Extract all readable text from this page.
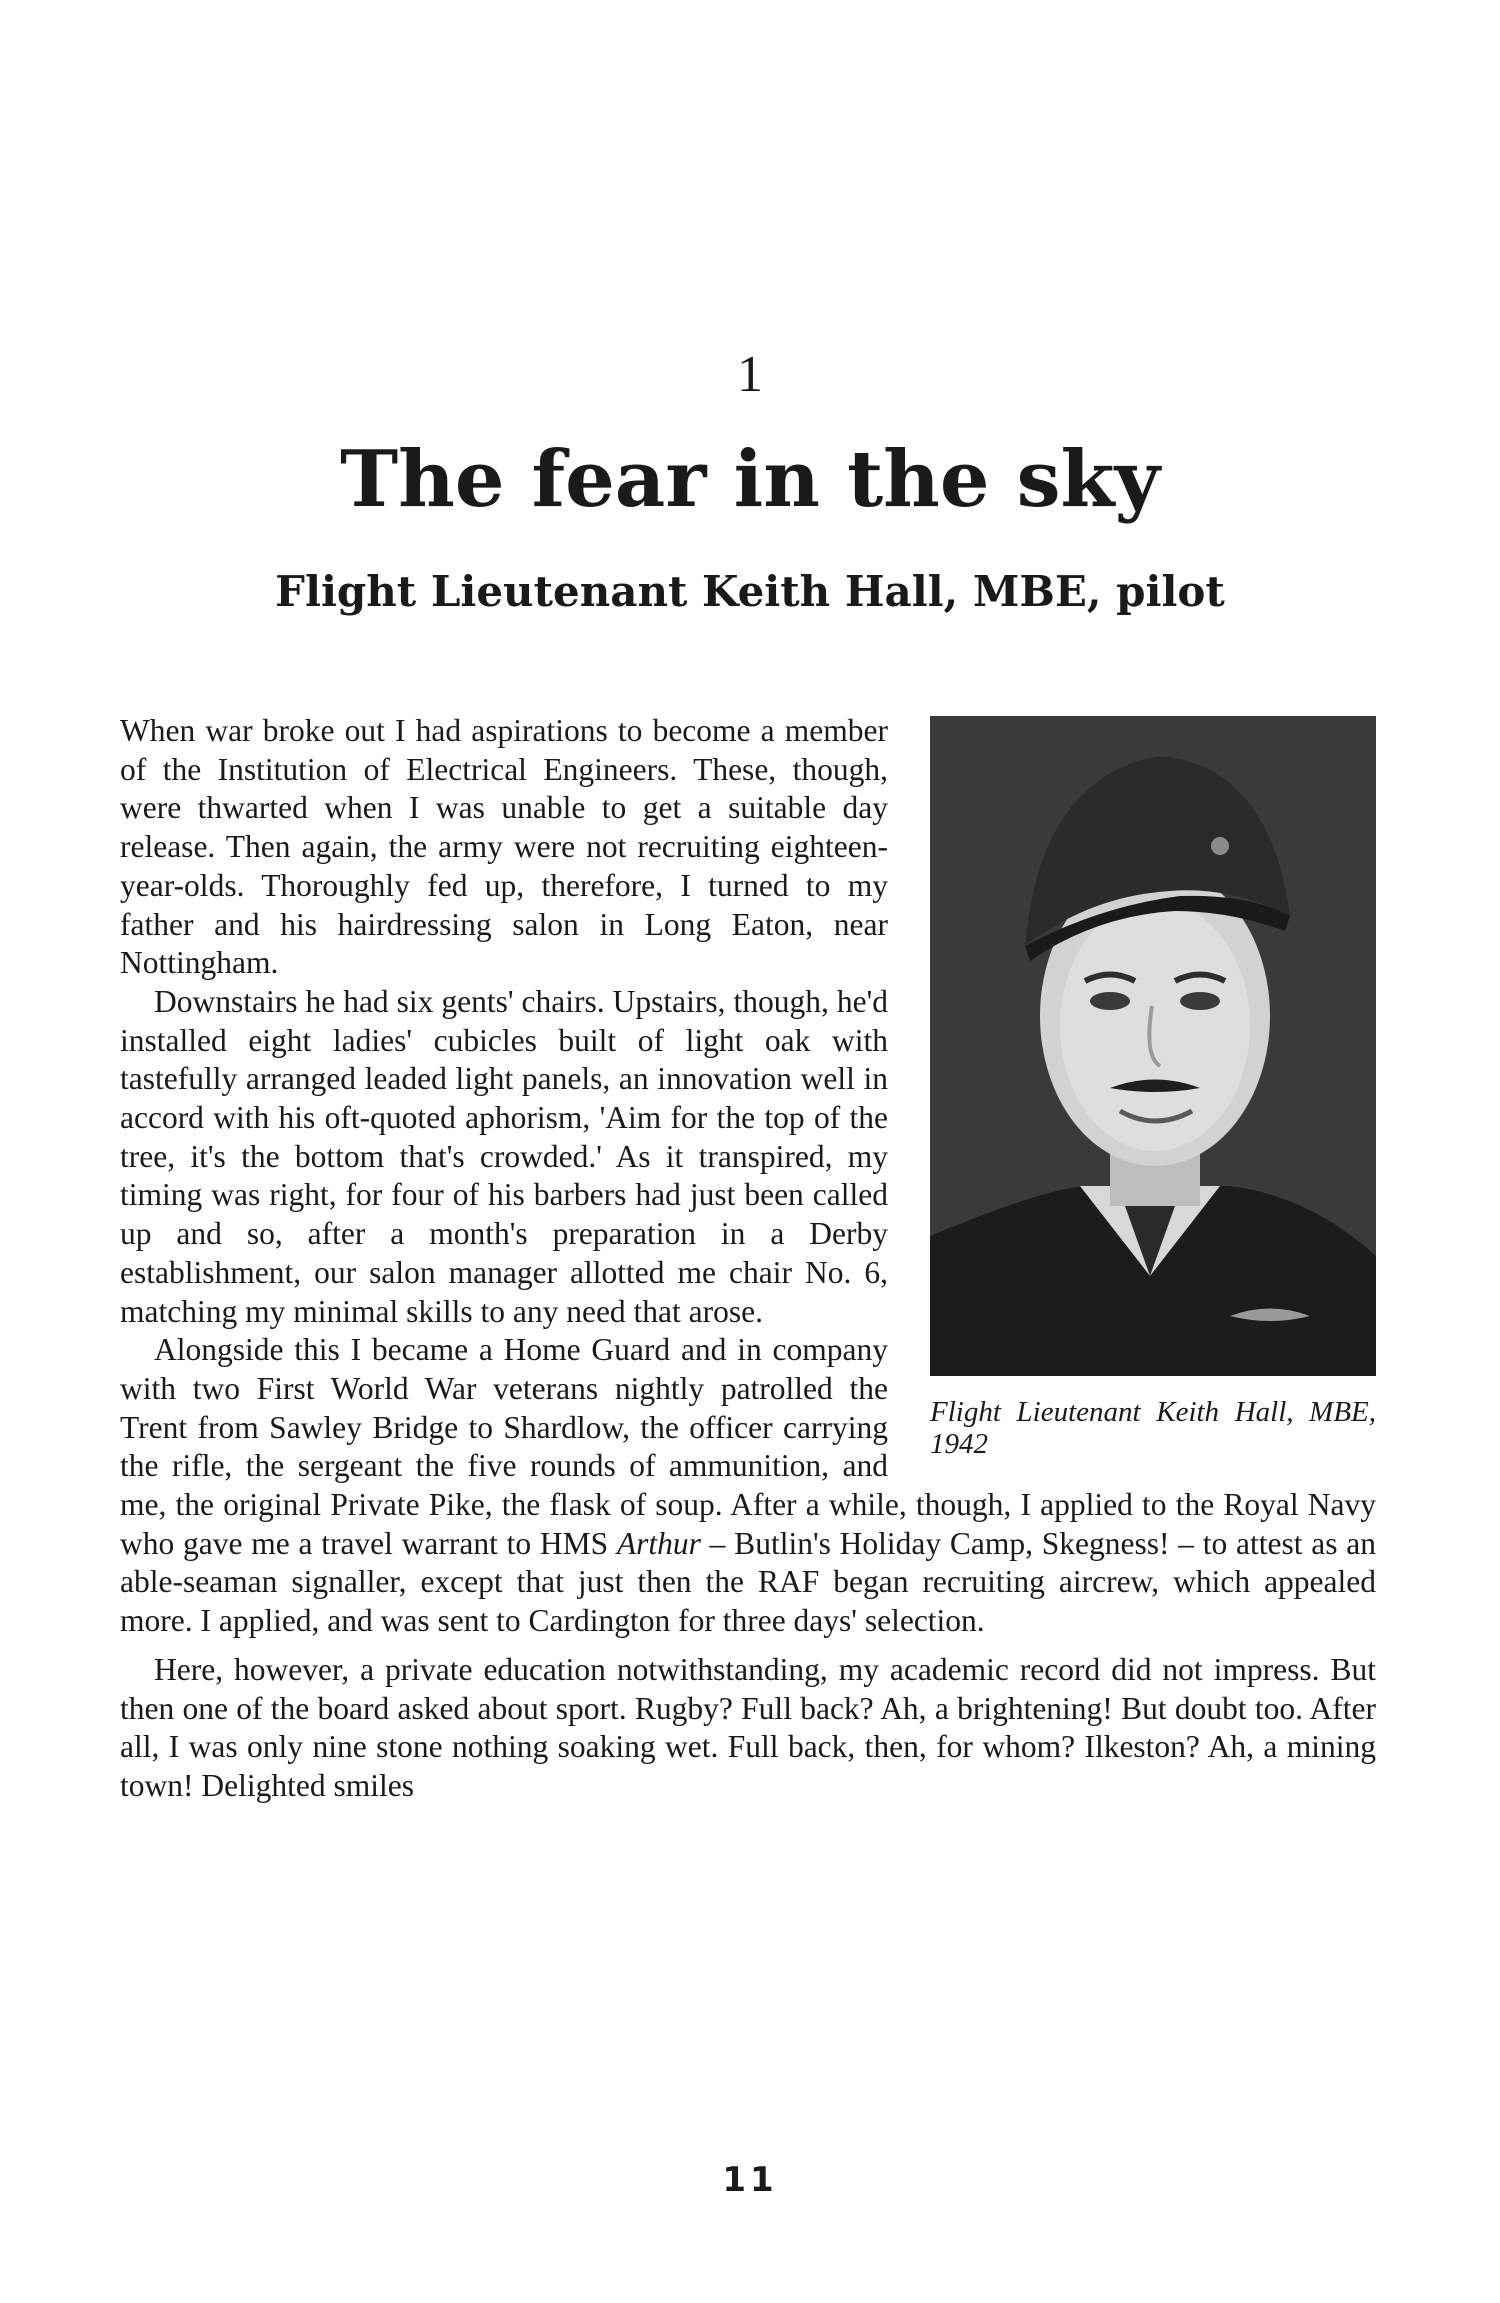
1
The fear in the sky
Flight Lieutenant Keith Hall, MBE, pilot
Flight Lieutenant Keith Hall, MBE, 1942

When war broke out I had aspirations to become a member of the Institution of Electrical Engineers. These, though, were thwarted when I was unable to get a suitable day release. Then again, the army were not recruiting eighteen-year-olds. Thoroughly fed up, therefore, I turned to my father and his hairdressing salon in Long Eaton, near Nottingham.

Downstairs he had six gents' chairs. Upstairs, though, he'd installed eight ladies' cubicles built of light oak with tastefully arranged leaded light panels, an innovation well in accord with his oft-quoted aphorism, 'Aim for the top of the tree, it's the bottom that's crowded.' As it transpired, my timing was right, for four of his barbers had just been called up and so, after a month's preparation in a Derby establishment, our salon manager allotted me chair No. 6, matching my minimal skills to any need that arose.

Alongside this I became a Home Guard and in company with two First World War veterans nightly patrolled the Trent from Sawley Bridge to Shardlow, the officer carrying the rifle, the sergeant the five rounds of ammunition, and me, the original Private Pike, the flask of soup. After a while, though, I applied to the Royal Navy who gave me a travel warrant to HMS Arthur – Butlin's Holiday Camp, Skegness! – to attest as an able-seaman signaller, except that just then the RAF began recruiting aircrew, which appealed more. I applied, and was sent to Cardington for three days' selection.

Here, however, a private education notwithstanding, my academic record did not impress. But then one of the board asked about sport. Rugby? Full back? Ah, a brightening! But doubt too. After all, I was only nine stone nothing soaking wet. Full back, then, for whom? Ilkeston? Ah, a mining town! Delighted smiles

11
